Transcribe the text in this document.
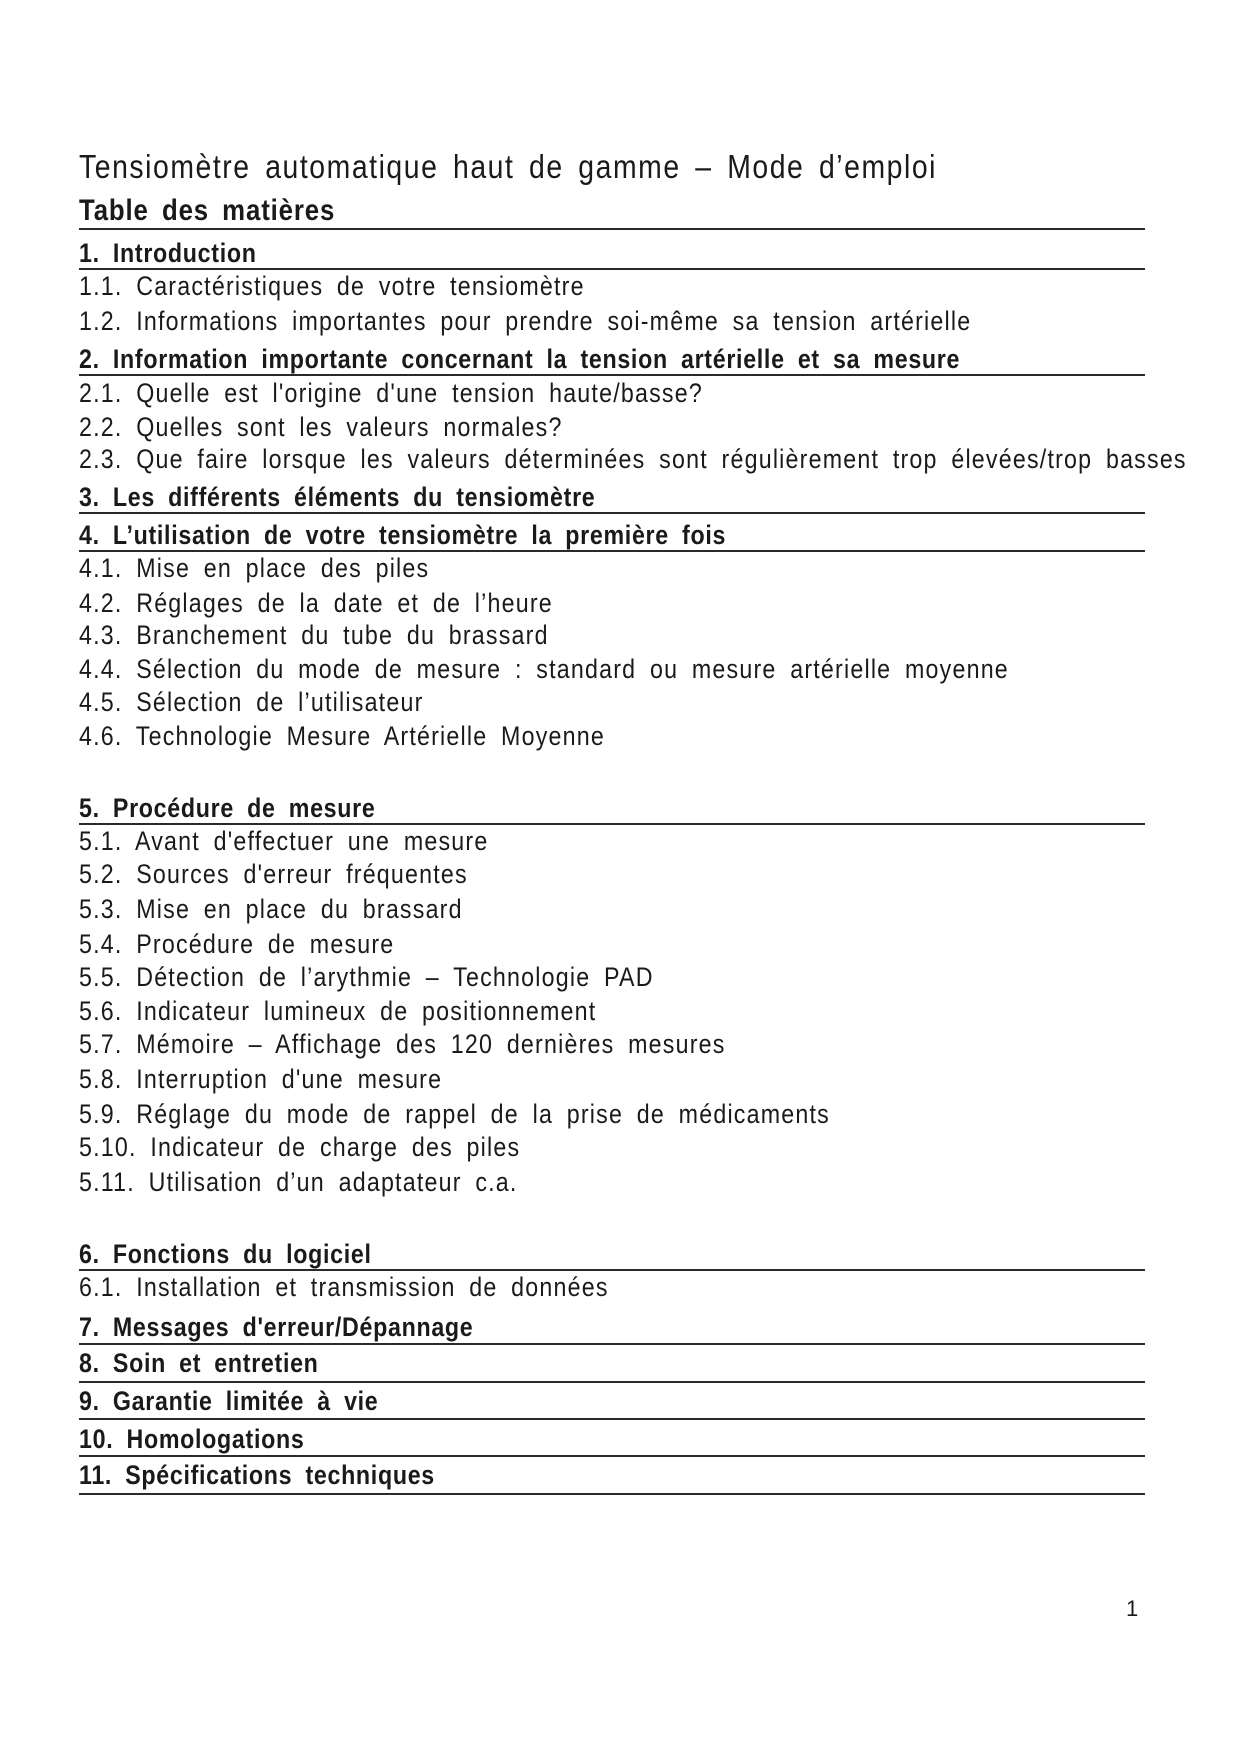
Tensiomètre automatique haut de gamme – Mode d’emploi
Table des matières
1. Introduction
1.1. Caractéristiques de votre tensiomètre
1.2. Informations importantes pour prendre soi-même sa tension artérielle
2. Information importante concernant la tension artérielle et sa mesure
2.1. Quelle est l'origine d'une tension haute/basse?
2.2. Quelles sont les valeurs normales?
2.3. Que faire lorsque les valeurs déterminées sont régulièrement trop élevées/trop basses
3. Les différents éléments du tensiomètre
4. L’utilisation de votre tensiomètre la première fois
4.1. Mise en place des piles
4.2. Réglages de la date et de l’heure
4.3. Branchement du tube du brassard
4.4. Sélection du mode de mesure : standard ou mesure artérielle moyenne
4.5. Sélection de l’utilisateur
4.6. Technologie Mesure Artérielle Moyenne
5. Procédure de mesure
5.1. Avant d'effectuer une mesure
5.2. Sources d'erreur fréquentes
5.3. Mise en place du brassard
5.4. Procédure de mesure
5.5. Détection de l’arythmie – Technologie PAD
5.6. Indicateur lumineux de positionnement
5.7. Mémoire – Affichage des 120 dernières mesures
5.8. Interruption d'une mesure
5.9. Réglage du mode de rappel de la prise de médicaments
5.10. Indicateur de charge des piles
5.11. Utilisation d’un adaptateur c.a.
6. Fonctions du logiciel
6.1. Installation et transmission de données
7. Messages d'erreur/Dépannage
8. Soin et entretien
9. Garantie limitée à vie
10. Homologations
11. Spécifications techniques
1
